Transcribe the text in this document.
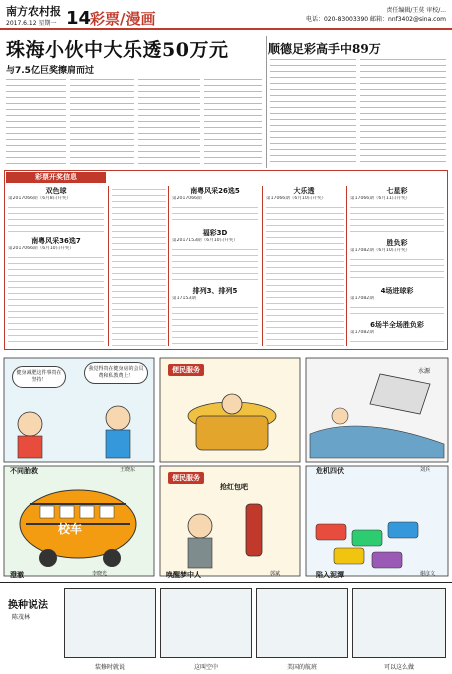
南方农村报
2017.6.12 星期一 14
彩票/漫画	责任编辑/王莫 审校/...
电话：020-83003390 邮箱：nnf3402@sina.com
珠海小伙中大乐透50万元
与7.5亿巨奖擦肩而过
顺德足彩高手中89万
彩票开奖信息
双色球
第2017066期（6月8日开奖）
南粤风采36选7
第2017066期（6月10日开奖）
南粤风采26选5
第2017066期
福彩3D
第2017153期（6月10日开奖）
排列3、排列5
第17153期
大乐透
第17066期（6月10日开奖）
七星彩
第17066期（6月11日开奖）
胜负彩
第17082期（6月10日开奖）
4场进球彩
第17082期
6场半全场胜负彩
第17082期
健身减肥这件事贵在坚持！
我觉得贵在健身房的会员费和私教费上！
便民服务
便民服务
抢红包吧
校车
水源
不同胎救	危机四伏
澄澈	唤醒梦中人	陷入泥潭
王晓东
李晓光	郭斌
刘兵
谢彦文
换种说法
陈茂林
装修时就说	这叫空中	美国的航班	可以这么做
